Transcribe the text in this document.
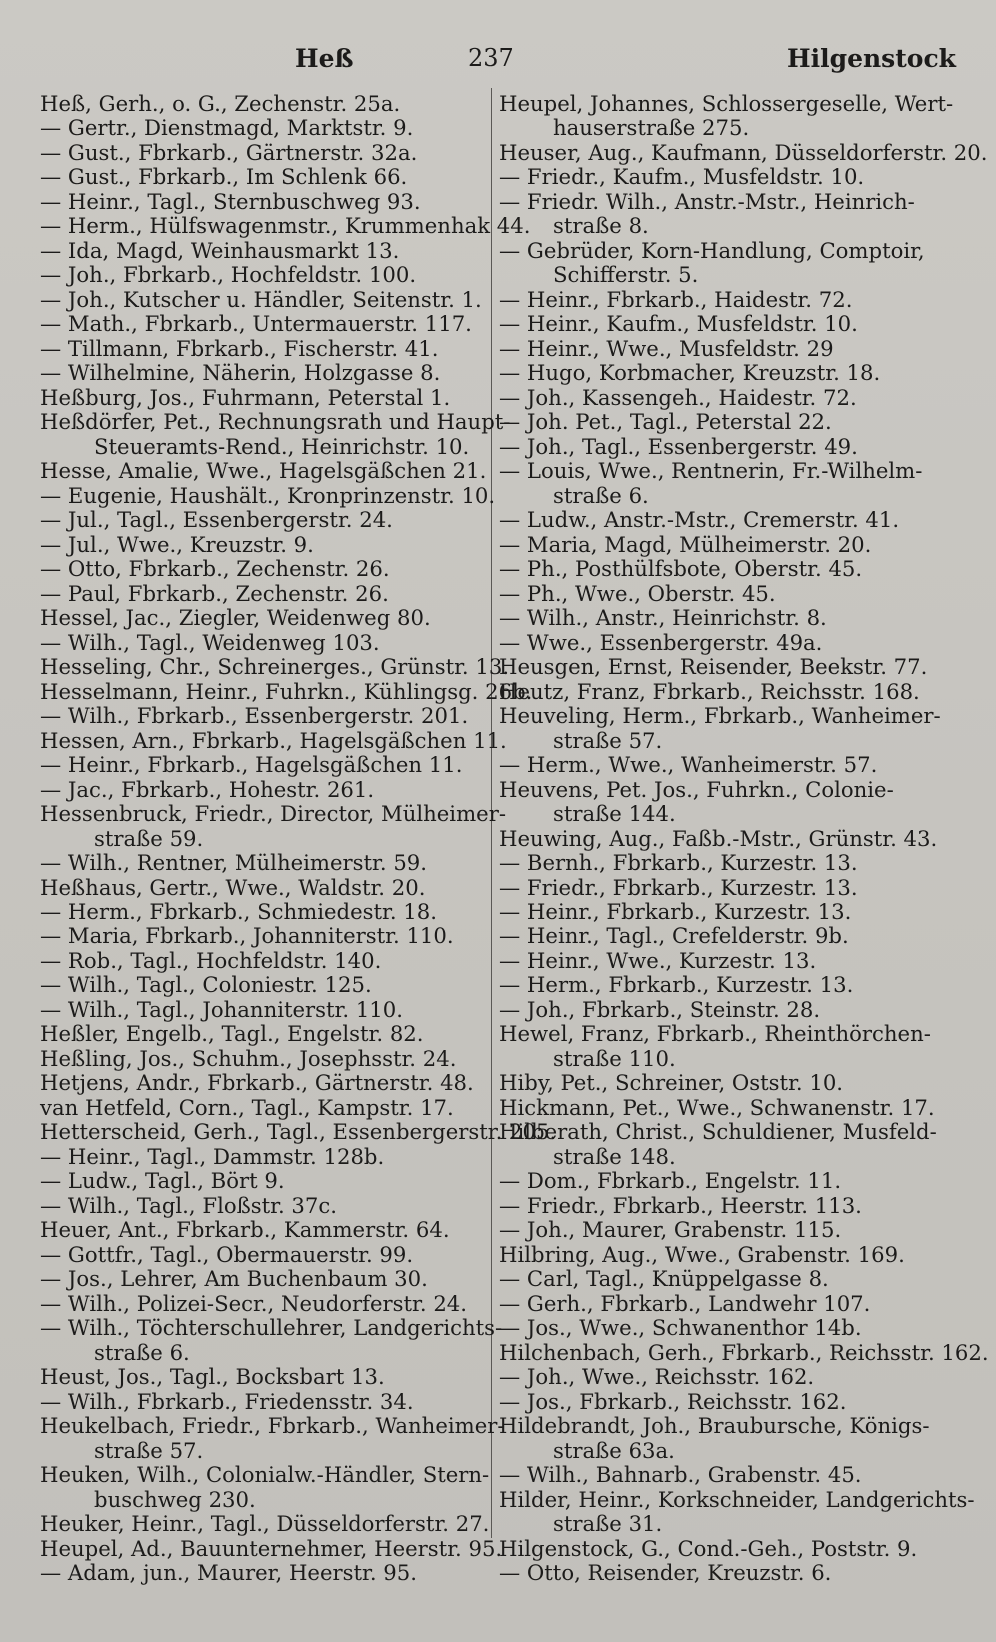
Heß	237	Hilgenstock
Heß, Gerh., o. G., Zechenstr. 25a.
— Gertr., Dienstmagd, Marktstr. 9.
— Gust., Fbrkarb., Gärtnerstr. 32a.
— Gust., Fbrkarb., Im Schlenk 66.
— Heinr., Tagl., Sternbuschweg 93.
— Herm., Hülfswagenmstr., Krummenhak 44.
— Ida, Magd, Weinhausmarkt 13.
— Joh., Fbrkarb., Hochfeldstr. 100.
— Joh., Kutscher u. Händler, Seitenstr. 1.
— Math., Fbrkarb., Untermauerstr. 117.
— Tillmann, Fbrkarb., Fischerstr. 41.
— Wilhelmine, Näherin, Holzgasse 8.
Heßburg, Jos., Fuhrmann, Peterstal 1.
Heßdörfer, Pet., Rechnungsrath und Haupt-
Steueramts-Rend., Heinrichstr. 10.
Hesse, Amalie, Wwe., Hagelsgäßchen 21.
— Eugenie, Haushält., Kronprinzenstr. 10.
— Jul., Tagl., Essenbergerstr. 24.
— Jul., Wwe., Kreuzstr. 9.
— Otto, Fbrkarb., Zechenstr. 26.
— Paul, Fbrkarb., Zechenstr. 26.
Hessel, Jac., Ziegler, Weidenweg 80.
— Wilh., Tagl., Weidenweg 103.
Hesseling, Chr., Schreinerges., Grünstr. 13.
Hesselmann, Heinr., Fuhrkn., Kühlingsg. 26b.
— Wilh., Fbrkarb., Essenbergerstr. 201.
Hessen, Arn., Fbrkarb., Hagelsgäßchen 11.
— Heinr., Fbrkarb., Hagelsgäßchen 11.
— Jac., Fbrkarb., Hohestr. 261.
Hessenbruck, Friedr., Director, Mülheimer-
straße 59.
— Wilh., Rentner, Mülheimerstr. 59.
Heßhaus, Gertr., Wwe., Waldstr. 20.
— Herm., Fbrkarb., Schmiedestr. 18.
— Maria, Fbrkarb., Johanniterstr. 110.
— Rob., Tagl., Hochfeldstr. 140.
— Wilh., Tagl., Coloniestr. 125.
— Wilh., Tagl., Johanniterstr. 110.
Heßler, Engelb., Tagl., Engelstr. 82.
Heßling, Jos., Schuhm., Josephsstr. 24.
Hetjens, Andr., Fbrkarb., Gärtnerstr. 48.
van Hetfeld, Corn., Tagl., Kampstr. 17.
Hetterscheid, Gerh., Tagl., Essenbergerstr. 205.
— Heinr., Tagl., Dammstr. 128b.
— Ludw., Tagl., Bört 9.
— Wilh., Tagl., Floßstr. 37c.
Heuer, Ant., Fbrkarb., Kammerstr. 64.
— Gottfr., Tagl., Obermauerstr. 99.
— Jos., Lehrer, Am Buchenbaum 30.
— Wilh., Polizei-Secr., Neudorferstr. 24.
— Wilh., Töchterschullehrer, Landgerichts-
straße 6.
Heust, Jos., Tagl., Bocksbart 13.
— Wilh., Fbrkarb., Friedensstr. 34.
Heukelbach, Friedr., Fbrkarb., Wanheimer-
straße 57.
Heuken, Wilh., Colonialw.-Händler, Stern-
buschweg 230.
Heuker, Heinr., Tagl., Düsseldorferstr. 27.
Heupel, Ad., Bauunternehmer, Heerstr. 95.
— Adam, jun., Maurer, Heerstr. 95.
Heupel, Johannes, Schlossergeselle, Wert-
hauserstraße 275.
Heuser, Aug., Kaufmann, Düsseldorferstr. 20.
— Friedr., Kaufm., Musfeldstr. 10.
— Friedr. Wilh., Anstr.-Mstr., Heinrich-
straße 8.
— Gebrüder, Korn-Handlung, Comptoir,
Schifferstr. 5.
— Heinr., Fbrkarb., Haidestr. 72.
— Heinr., Kaufm., Musfeldstr. 10.
— Heinr., Wwe., Musfeldstr. 29
— Hugo, Korbmacher, Kreuzstr. 18.
— Joh., Kassengeh., Haidestr. 72.
— Joh. Pet., Tagl., Peterstal 22.
— Joh., Tagl., Essenbergerstr. 49.
— Louis, Wwe., Rentnerin, Fr.-Wilhelm-
straße 6.
— Ludw., Anstr.-Mstr., Cremerstr. 41.
— Maria, Magd, Mülheimerstr. 20.
— Ph., Posthülfsbote, Oberstr. 45.
— Ph., Wwe., Oberstr. 45.
— Wilh., Anstr., Heinrichstr. 8.
— Wwe., Essenbergerstr. 49a.
Heusgen, Ernst, Reisender, Beekstr. 77.
Heutz, Franz, Fbrkarb., Reichsstr. 168.
Heuveling, Herm., Fbrkarb., Wanheimer-
straße 57.
— Herm., Wwe., Wanheimerstr. 57.
Heuvens, Pet. Jos., Fuhrkn., Colonie-
straße 144.
Heuwing, Aug., Faßb.-Mstr., Grünstr. 43.
— Bernh., Fbrkarb., Kurzestr. 13.
— Friedr., Fbrkarb., Kurzestr. 13.
— Heinr., Fbrkarb., Kurzestr. 13.
— Heinr., Tagl., Crefelderstr. 9b.
— Heinr., Wwe., Kurzestr. 13.
— Herm., Fbrkarb., Kurzestr. 13.
— Joh., Fbrkarb., Steinstr. 28.
Hewel, Franz, Fbrkarb., Rheinthörchen-
straße 110.
Hiby, Pet., Schreiner, Oststr. 10.
Hickmann, Pet., Wwe., Schwanenstr. 17.
Hilberath, Christ., Schuldiener, Musfeld-
straße 148.
— Dom., Fbrkarb., Engelstr. 11.
— Friedr., Fbrkarb., Heerstr. 113.
— Joh., Maurer, Grabenstr. 115.
Hilbring, Aug., Wwe., Grabenstr. 169.
— Carl, Tagl., Knüppelgasse 8.
— Gerh., Fbrkarb., Landwehr 107.
— Jos., Wwe., Schwanenthor 14b.
Hilchenbach, Gerh., Fbrkarb., Reichsstr. 162.
— Joh., Wwe., Reichsstr. 162.
— Jos., Fbrkarb., Reichsstr. 162.
Hildebrandt, Joh., Brauburschе, Königs-
straße 63a.
— Wilh., Bahnarb., Grabenstr. 45.
Hilder, Heinr., Korkschneider, Landgerichts-
straße 31.
Hilgenstock, G., Cond.-Geh., Poststr. 9.
— Otto, Reisender, Kreuzstr. 6.
